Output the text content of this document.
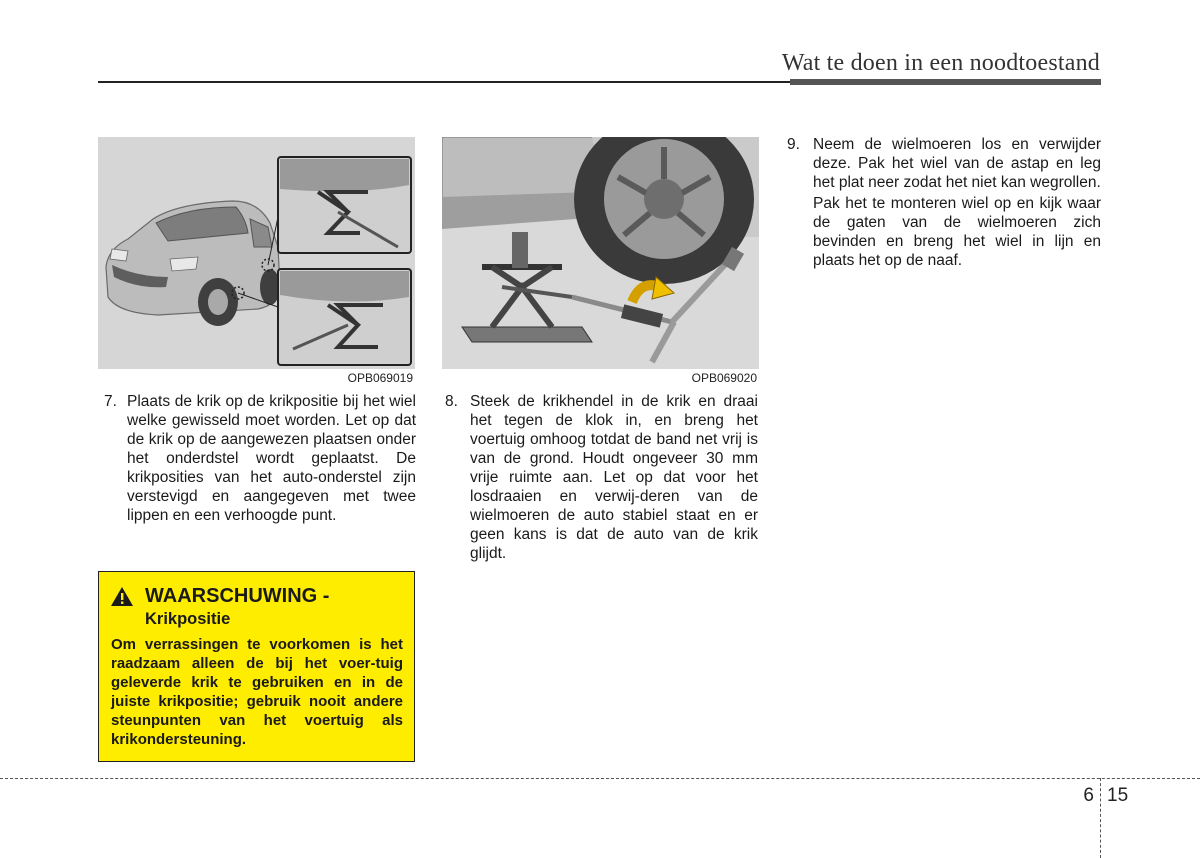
Wat te doen in een noodtoestand
OPB069019	OPB069020
7. Plaats de krik op de krikpositie bij het wiel welke gewisseld moet worden. Let op dat de krik op de aangewezen plaatsen onder het onderdstel wordt geplaatst. De krikposities van het auto-onderstel zijn verstevigd en aangegeven met twee lippen en een verhoogde punt.

8. Steek de krikhendel in de krik en draai het tegen de klok in, en breng het voertuig omhoog totdat de band net vrij is van de grond. Houdt ongeveer 30 mm vrije ruimte aan. Let op dat voor het losdraaien en verwij-deren van de wielmoeren de auto stabiel staat en er geen kans is dat de auto van de krik glijdt.

9. Neem de wielmoeren los en verwijder deze. Pak het wiel van de astap en leg het plat neer zodat het niet kan wegrollen.

Pak het te monteren wiel op en kijk waar de gaten van de wielmoeren zich bevinden en breng het wiel in lijn en plaats het op de naaf.

WAARSCHUWING -
Krikpositie

Om verrassingen te voorkomen is het raadzaam alleen de bij het voer-tuig geleverde krik te gebruiken en in de juiste krikpositie; gebruik nooit andere steunpunten van het voertuig als krikondersteuning.

6 15
